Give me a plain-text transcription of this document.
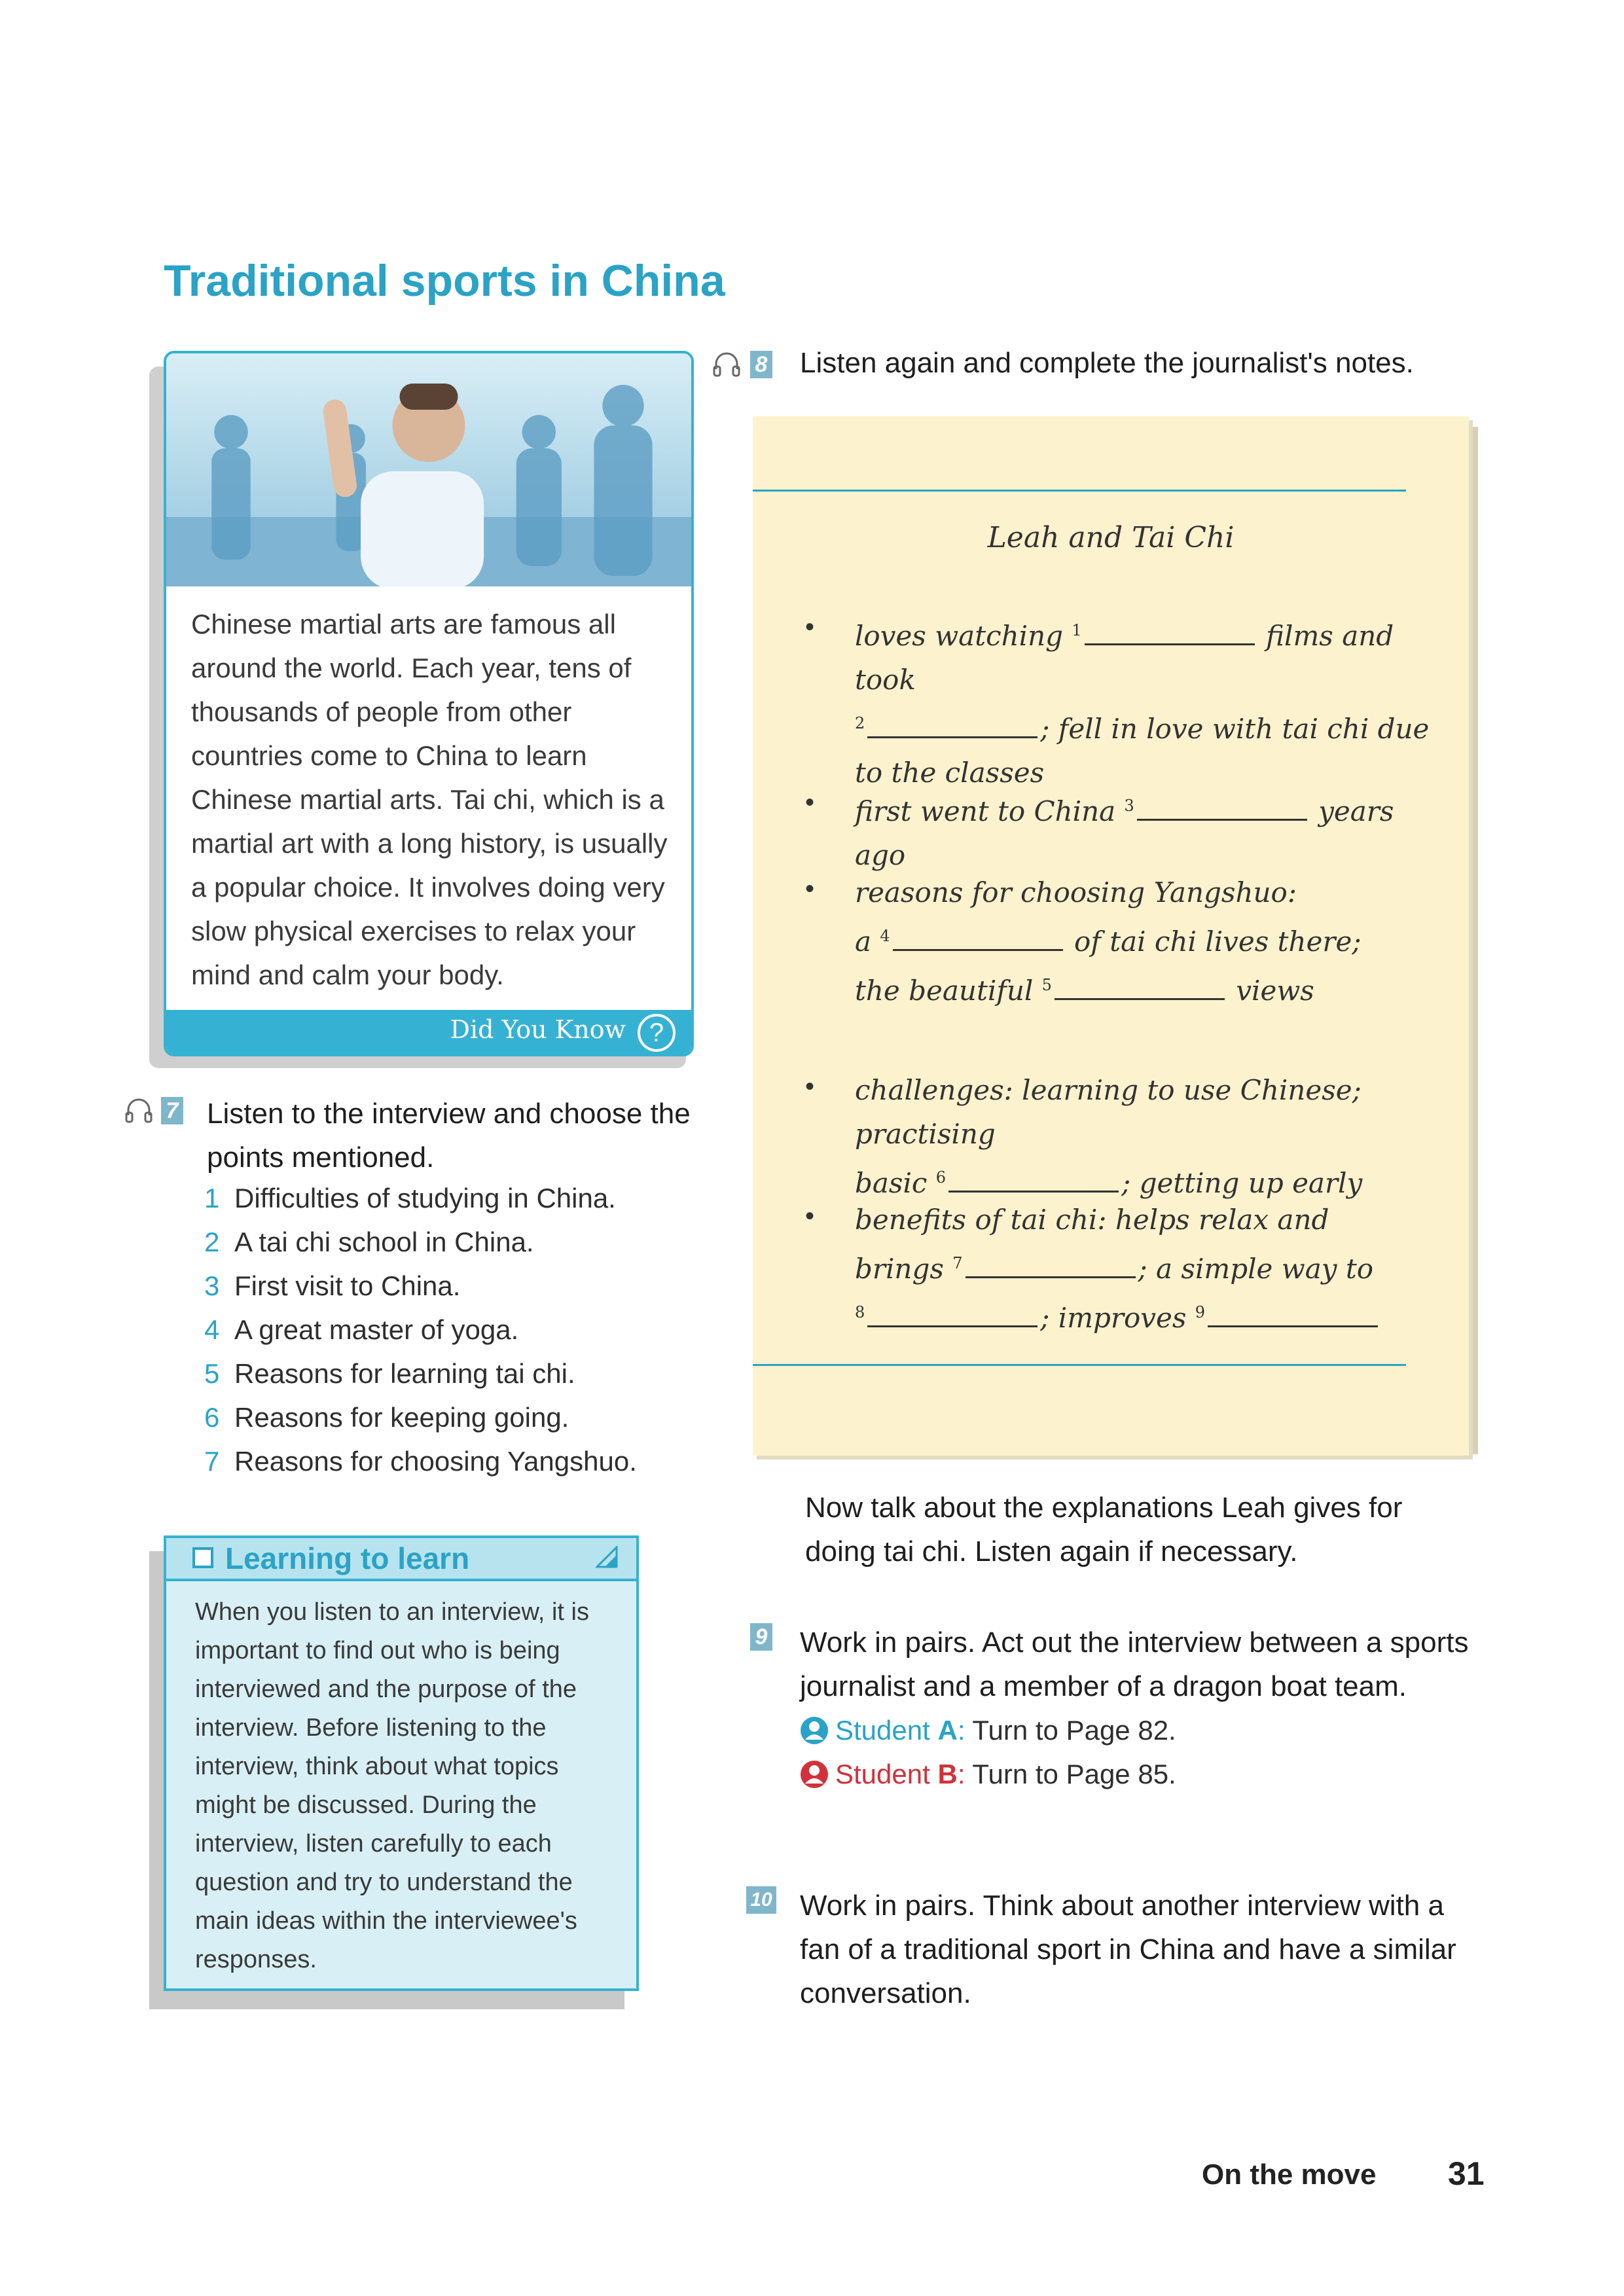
Traditional sports in China
Chinese martial arts are famous all around the world. Each year, tens of thousands of people from other countries come to China to learn Chinese martial arts. Tai chi, which is a martial art with a long history, is usually a popular choice. It involves doing very slow physical exercises to relax your mind and calm your body.
Did You Know ?
7 Listen to the interview and choose the points mentioned.
1 Difficulties of studying in China.
2 A tai chi school in China.
3 First visit to China.
4 A great master of yoga.
5 Reasons for learning tai chi.
6 Reasons for keeping going.
7 Reasons for choosing Yangshuo.
Learning to learn
When you listen to an interview, it is important to find out who is being interviewed and the purpose of the interview. Before listening to the interview, think about what topics might be discussed. During the interview, listen carefully to each question and try to understand the main ideas within the interviewee's responses.
8 Listen again and complete the journalist's notes.
Leah and Tai Chi
• loves watching $^1$	films and took
$^2$	; fell in love with tai chi due
to the classes
• first went to China $^3$	years ago
• reasons for choosing Yangshuo:
a $^4$	of tai chi lives there;
the beautiful $^5$	views
• challenges: learning to use Chinese; practising
basic $^6$	; getting up early
• benefits of tai chi: helps relax and
brings $^7$	; a simple way to
$^8$	; improves $^9$
Now talk about the explanations Leah gives for doing tai chi. Listen again if necessary.
9 Work in pairs. Act out the interview between a sports journalist and a member of a dragon boat team.
Student A: Turn to Page 82.
Student B: Turn to Page 85.
10 Work in pairs. Think about another interview with a fan of a traditional sport in China and have a similar conversation.
On the move 31
